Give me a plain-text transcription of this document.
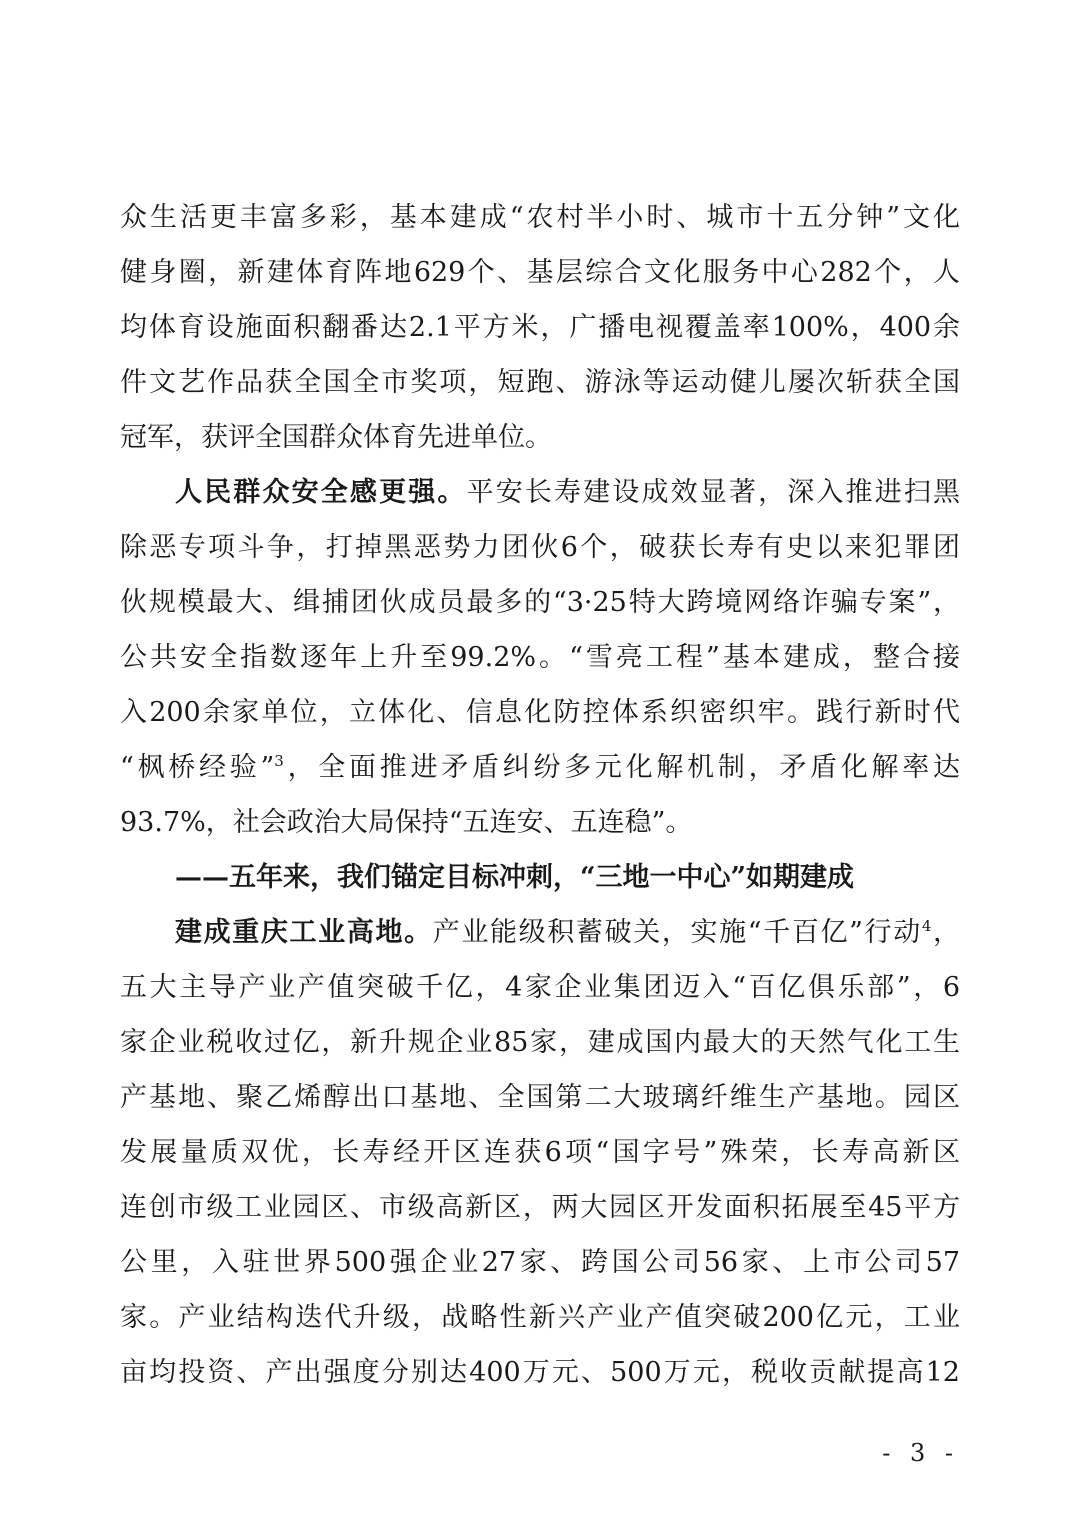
众生活更丰富多彩，基本建成“农村半小时、城市十五分钟”文化
健身圈，新建体育阵地629个、基层综合文化服务中心282个，人
均体育设施面积翻番达2.1平方米，广播电视覆盖率100%，400余
件文艺作品获全国全市奖项，短跑、游泳等运动健儿屡次斩获全国
冠军，获评全国群众体育先进单位。
人民群众安全感更强。平安长寿建设成效显著，深入推进扫黑
除恶专项斗争，打掉黑恶势力团伙6个，破获长寿有史以来犯罪团
伙规模最大、缉捕团伙成员最多的“3·25特大跨境网络诈骗专案”，
公共安全指数逐年上升至99.2%。“雪亮工程”基本建成，整合接
入200余家单位，立体化、信息化防控体系织密织牢。践行新时代
“枫桥经验”$^3$，全面推进矛盾纠纷多元化解机制，矛盾化解率达
93.7%，社会政治大局保持“五连安、五连稳”。
——五年来，我们锚定目标冲刺，“三地一中心”如期建成
建成重庆工业高地。产业能级积蓄破关，实施“千百亿”行动$^4$，
五大主导产业产值突破千亿，4家企业集团迈入“百亿俱乐部”，6
家企业税收过亿，新升规企业85家，建成国内最大的天然气化工生
产基地、聚乙烯醇出口基地、全国第二大玻璃纤维生产基地。园区
发展量质双优，长寿经开区连获6项“国字号”殊荣，长寿高新区
连创市级工业园区、市级高新区，两大园区开发面积拓展至45平方
公里，入驻世界500强企业27家、跨国公司56家、上市公司57
家。产业结构迭代升级，战略性新兴产业产值突破200亿元，工业
亩均投资、产出强度分别达400万元、500万元，税收贡献提高12
- 3 -
